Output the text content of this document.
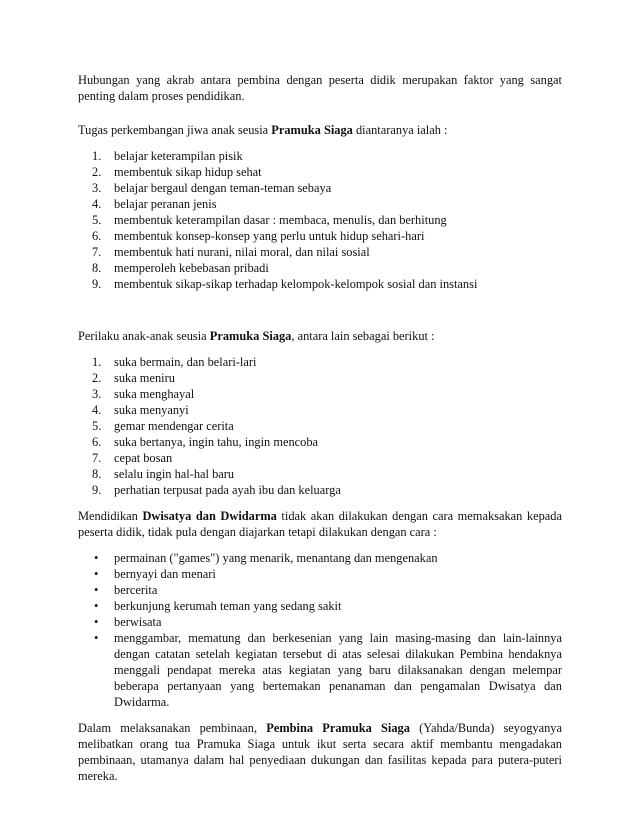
Hubungan yang akrab antara pembina dengan peserta didik merupakan faktor yang sangat penting dalam proses pendidikan.

Tugas perkembangan jiwa anak seusia Pramuka Siaga diantaranya ialah :

1. belajar keterampilan pisik
2. membentuk sikap hidup sehat
3. belajar bergaul dengan teman-teman sebaya
4. belajar peranan jenis
5. membentuk keterampilan dasar : membaca, menulis, dan berhitung
6. membentuk konsep-konsep yang perlu untuk hidup sehari-hari
7. membentuk hati nurani, nilai moral, dan nilai sosial
8. memperoleh kebebasan pribadi
9. membentuk sikap-sikap terhadap kelompok-kelompok sosial dan instansi

Perilaku anak-anak seusia Pramuka Siaga, antara lain sebagai berikut :

1. suka bermain, dan belari-lari
2. suka meniru
3. suka menghayal
4. suka menyanyi
5. gemar mendengar cerita
6. suka bertanya, ingin tahu, ingin mencoba
7. cepat bosan
8. selalu ingin hal-hal baru
9. perhatian terpusat pada ayah ibu dan keluarga

Mendidikan Dwisatya dan Dwidarma tidak akan dilakukan dengan cara memaksakan kepada peserta didik, tidak pula dengan diajarkan tetapi dilakukan dengan cara :

• permainan ("games") yang menarik, menantang dan mengenakan
• bernyayi dan menari
• bercerita
• berkunjung kerumah teman yang sedang sakit
• berwisata
• menggambar, mematung dan berkesenian yang lain masing-masing dan lain-lainnya dengan catatan setelah kegiatan tersebut di atas selesai dilakukan Pembina hendaknya menggali pendapat mereka atas kegiatan yang baru dilaksanakan dengan melempar beberapa pertanyaan yang bertemakan penanaman dan pengamalan Dwisatya dan Dwidarma.

Dalam melaksanakan pembinaan, Pembina Pramuka Siaga (Yahda/Bunda) seyogyanya melibatkan orang tua Pramuka Siaga untuk ikut serta secara aktif membantu mengadakan pembinaan, utamanya dalam hal penyediaan dukungan dan fasilitas kepada para putera-puteri mereka.
